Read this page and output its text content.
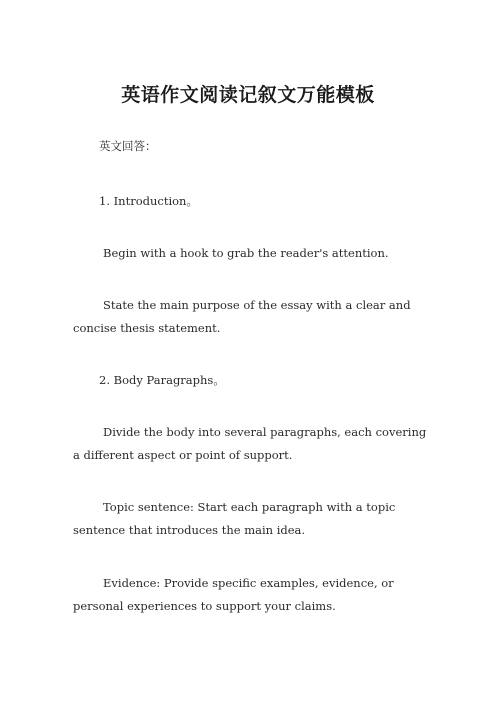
英语作文阅读记叙文万能模板
英文回答：
1. Introduction。
Begin with a hook to grab the reader's attention.
State the main purpose of the essay with a clear and
concise thesis statement.
2. Body Paragraphs。
Divide the body into several paragraphs, each covering
a different aspect or point of support.
Topic sentence: Start each paragraph with a topic
sentence that introduces the main idea.
Evidence: Provide specific examples, evidence, or
personal experiences to support your claims.
